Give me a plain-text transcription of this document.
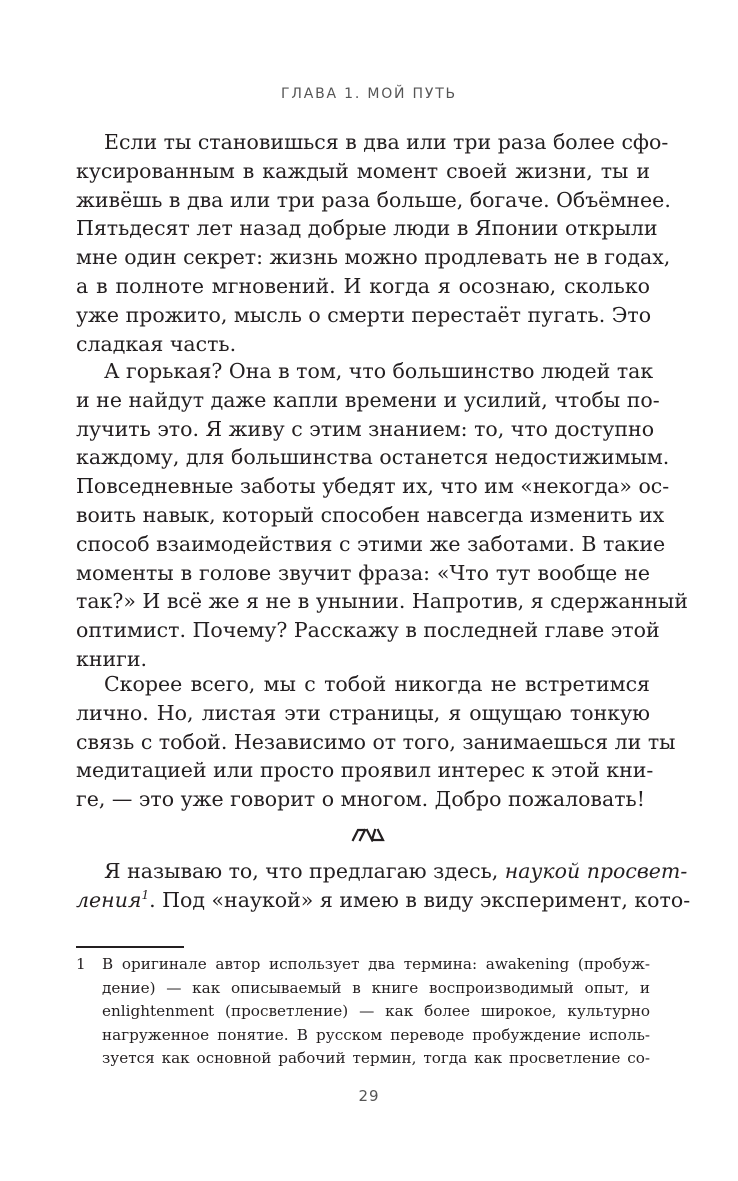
ГЛАВА 1. МОЙ ПУТЬ
Если ты становишься в два или три раза более сфо-
кусированным в каждый момент своей жизни, ты и
живёшь в два или три раза больше, богаче. Объёмнее.
Пятьдесят лет назад добрые люди в Японии открыли
мне один секрет: жизнь можно продлевать не в годах,
а в полноте мгновений. И когда я осознаю, сколько
уже прожито, мысль о смерти перестаёт пугать. Это
сладкая часть.
А горькая? Она в том, что большинство людей так
и не найдут даже капли времени и усилий, чтобы по-
лучить это. Я живу с этим знанием: то, что доступно
каждому, для большинства останется недостижимым.
Повседневные заботы убедят их, что им «некогда» ос-
воить навык, который способен навсегда изменить их
способ взаимодействия с этими же заботами. В такие
моменты в голове звучит фраза: «Что тут вообще не
так?» И всё же я не в унынии. Напротив, я сдержанный
оптимист. Почему? Расскажу в последней главе этой
книги.
Скорее всего, мы с тобой никогда не встретимся
лично. Но, листая эти страницы, я ощущаю тонкую
связь с тобой. Независимо от того, занимаешься ли ты
медитацией или просто проявил интерес к этой кни-
ге, — это уже говорит о многом. Добро пожаловать!
Я называю то, что предлагаю здесь, наукой просвет-
ления$^1$. Под «наукой» я имею в виду эксперимент, кото-
1	В оригинале автор использует два термина: awakening (пробуж-
дение) — как описываемый в книге воспроизводимый опыт, и
enlightenment (просветление) — как более широкое, культурно
нагруженное понятие. В русском переводе пробуждение исполь-
зуется как основной рабочий термин, тогда как просветление со-
29
